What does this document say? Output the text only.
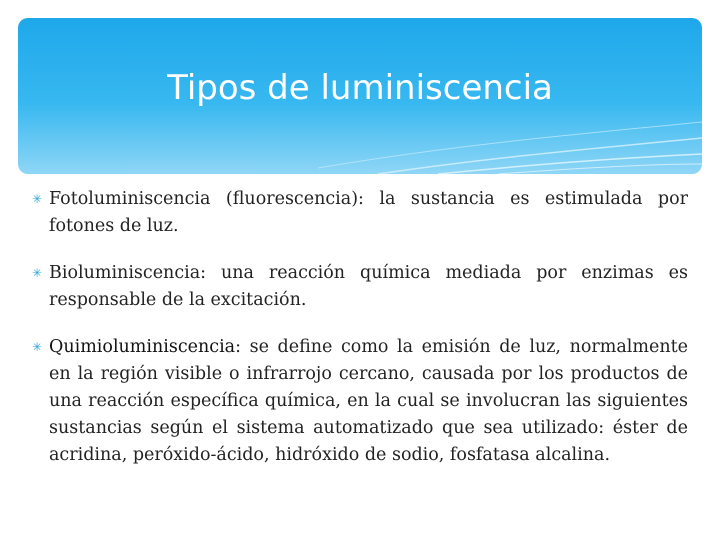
Tipos de luminiscencia
✳ Fotoluminiscencia (fluorescencia): la sustancia es estimulada por fotones de luz.
✳ Bioluminiscencia: una reacción química mediada por enzimas es responsable de la excitación.
✳ Quimioluminiscencia: se define como la emisión de luz, normalmente en la región visible o infrarrojo cercano, causada por los productos de una reacción específica química, en la cual se involucran las siguientes sustancias según el sistema automatizado que sea utilizado: éster de acridina, peróxido-ácido, hidróxido de sodio, fosfatasa alcalina.
